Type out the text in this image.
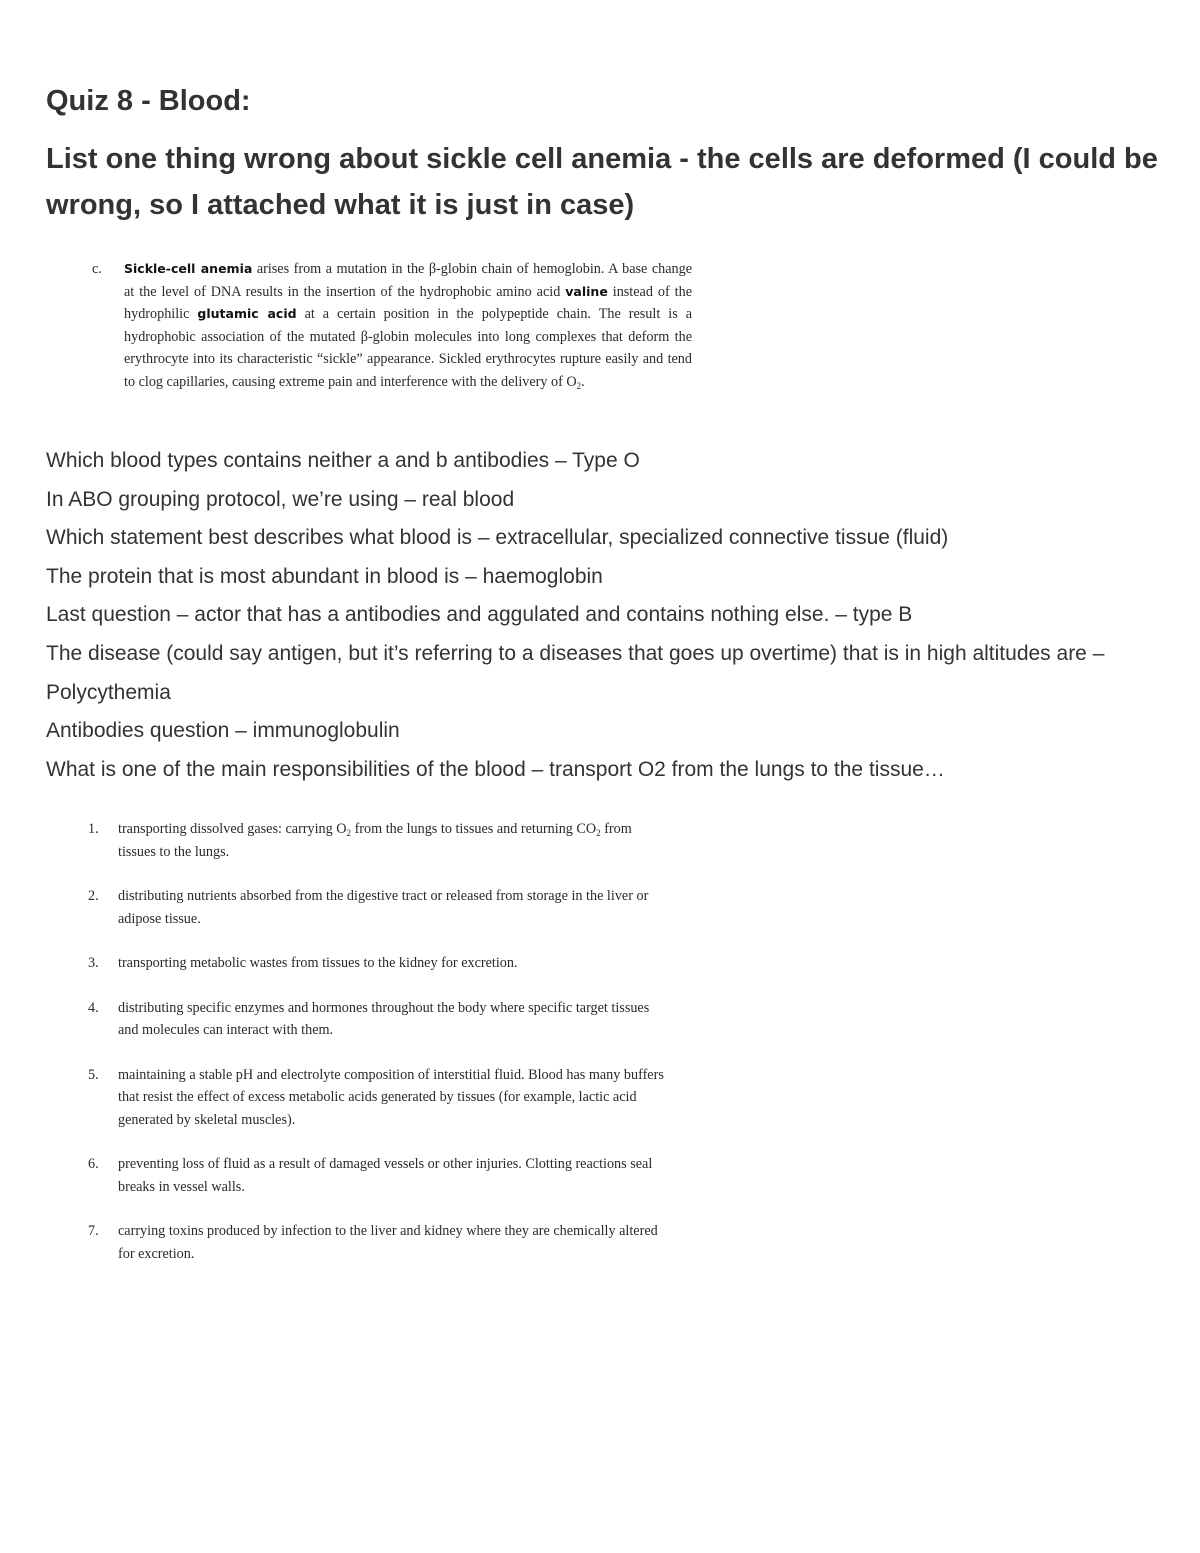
Quiz 8 - Blood:
List one thing wrong about sickle cell anemia - the cells are deformed (I could be wrong, so I attached what it is just in case)
c.	Sickle-cell anemia arises from a mutation in the β-globin chain of hemoglobin. A base change at the level of DNA results in the insertion of the hydrophobic amino acid valine instead of the hydrophilic glutamic acid at a certain position in the polypeptide chain. The result is a hydrophobic association of the mutated β-globin molecules into long complexes that deform the erythrocyte into its characteristic “sickle” appearance. Sickled erythrocytes rupture easily and tend to clog capillaries, causing extreme pain and interference with the delivery of $O_2$.
Which blood types contains neither a and b antibodies – Type O
In ABO grouping protocol, we’re using – real blood
Which statement best describes what blood is – extracellular, specialized connective tissue (fluid)
The protein that is most abundant in blood is – haemoglobin
Last question – actor that has a antibodies and aggulated and contains nothing else. – type B
The disease (could say antigen, but it’s referring to a diseases that goes up overtime) that is in high altitudes are – Polycythemia
Antibodies question – immunoglobulin
What is one of the main responsibilities of the blood – transport O2 from the lungs to the tissue…
1. transporting dissolved gases: carrying $O_2$ from the lungs to tissues and returning $CO_2$ from tissues to the lungs.
2. distributing nutrients absorbed from the digestive tract or released from storage in the liver or adipose tissue.
3. transporting metabolic wastes from tissues to the kidney for excretion.
4. distributing specific enzymes and hormones throughout the body where specific target tissues and molecules can interact with them.
5. maintaining a stable pH and electrolyte composition of interstitial fluid. Blood has many buffers that resist the effect of excess metabolic acids generated by tissues (for example, lactic acid generated by skeletal muscles).
6. preventing loss of fluid as a result of damaged vessels or other injuries. Clotting reactions seal breaks in vessel walls.
7. carrying toxins produced by infection to the liver and kidney where they are chemically altered for excretion.
